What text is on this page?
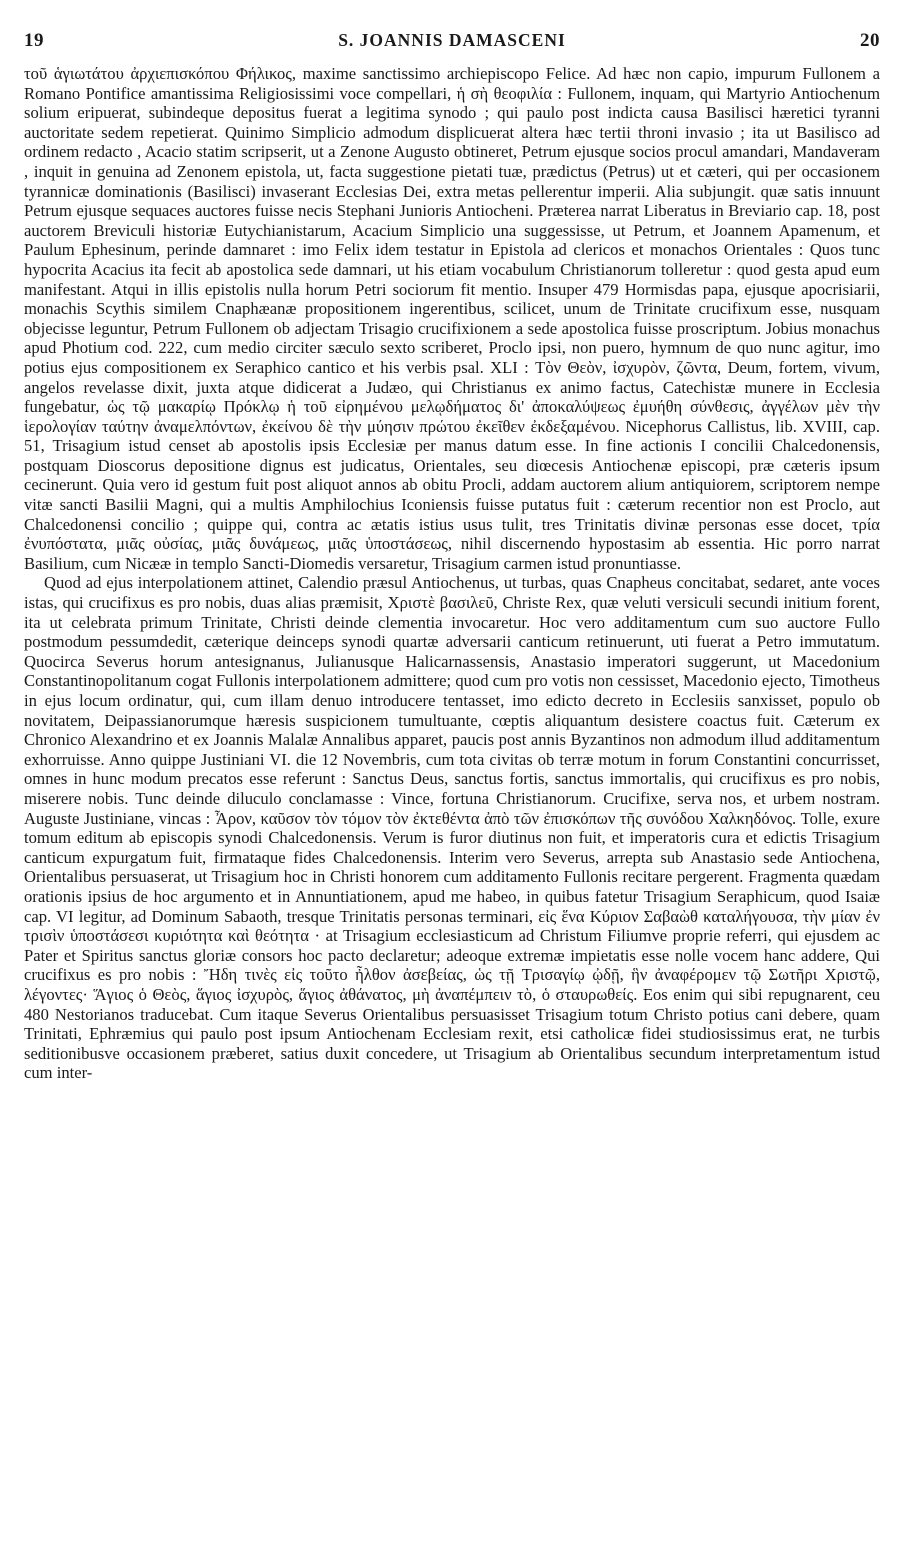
19	S. JOANNIS DAMASCENI	20

τοῦ ἁγιωτάτου ἀρχιεπισκόπου Φήλικος, maxime sanctissimo archiepiscopo Felice. Ad hæc non capio, impurum Fullonem a Romano Pontifice amantissima Religiosissimi voce compellari, ἡ σὴ θεοφιλία : Fullonem, inquam, qui Martyrio Antiochenum solium eripuerat, subindeque depositus fuerat a legitima synodo ; qui paulo post indicta causa Basilisci hæretici tyranni auctoritate sedem repetierat. Quinimo Simplicio admodum displicuerat altera hæc tertii throni invasio ; ita ut Basilisco ad ordinem redacto , Acacio statim scripserit, ut a Zenone Augusto obtineret, Petrum ejusque socios procul amandari, Mandaveram , inquit in genuina ad Zenonem epistola, ut, facta suggestione pietati tuæ, prædictus (Petrus) ut et cæteri, qui per occasionem tyrannicæ dominationis (Basilisci) invaserant Ecclesias Dei, extra metas pellerentur imperii. Alia subjungit. quæ satis innuunt Petrum ejusque sequaces auctores fuisse necis Stephani Junioris Antiocheni. Præterea narrat Liberatus in Breviario cap. 18, post auctorem Breviculi historiæ Eutychianistarum, Acacium Simplicio una suggessisse, ut Petrum, et Joannem Apamenum, et Paulum Ephesinum, perinde damnaret : imo Felix idem testatur in Epistola ad clericos et monachos Orientales : Quos tunc hypocrita Acacius ita fecit ab apostolica sede damnari, ut his etiam vocabulum Christianorum tolleretur : quod gesta apud eum manifestant. Atqui in illis epistolis nulla horum Petri sociorum fit mentio. Insuper 479 Hormisdas papa, ejusque apocrisiarii, monachis Scythis similem Cnaphæanæ propositionem ingerentibus, scilicet, unum de Trinitate crucifixum esse, nusquam objecisse leguntur, Petrum Fullonem ob adjectam Trisagio crucifixionem a sede apostolica fuisse proscriptum. Jobius monachus apud Photium cod. 222, cum medio circiter sæculo sexto scriberet, Proclo ipsi, non puero, hymnum de quo nunc agitur, imo potius ejus compositionem ex Seraphico cantico et his verbis psal. XLI : Τὸν Θεὸν, ἰσχυρὸν, ζῶντα, Deum, fortem, vivum, angelos revelasse dixit, juxta atque didicerat a Judæo, qui Christianus ex animo factus, Catechistæ munere in Ecclesia fungebatur, ὡς τῷ μακαρίῳ Πρόκλῳ ἡ τοῦ εἰρημένου μελῳδήματος δι' ἀποκαλύψεως ἐμυήθη σύνθεσις, ἀγγέλων μὲν τὴν ἱερολογίαν ταύτην ἀναμελπόντων, ἐκείνου δὲ τὴν μύησιν πρώτου ἐκεῖθεν ἐκδεξαμένου. Nicephorus Callistus, lib. XVIII, cap. 51, Trisagium istud censet ab apostolis ipsis Ecclesiæ per manus datum esse. In fine actionis I concilii Chalcedonensis, postquam Dioscorus depositione dignus est judicatus, Orientales, seu diœcesis Antiochenæ episcopi, præ cæteris ipsum cecinerunt. Quia vero id gestum fuit post aliquot annos ab obitu Procli, addam auctorem alium antiquiorem, scriptorem nempe vitæ sancti Basilii Magni, qui a multis Amphilochius Iconiensis fuisse putatus fuit : cæterum recentior non est Proclo, aut Chalcedonensi concilio ; quippe qui, contra ac ætatis istius usus tulit, tres Trinitatis divinæ personas esse docet, τρία ἐνυπόστατα, μιᾶς οὐσίας, μιᾶς δυνάμεως, μιᾶς ὑποστάσεως, nihil discernendo hypostasim ab essentia. Hic porro narrat Basilium, cum Nicææ in templo Sancti-Diomedis versaretur, Trisagium carmen istud pronuntiasse.

Quod ad ejus interpolationem attinet, Calendio præsul Antiochenus, ut turbas, quas Cnapheus concitabat, sedaret, ante voces istas, qui crucifixus es pro nobis, duas alias præmisit, Χριστὲ βασιλεῦ, Christe Rex, quæ veluti versiculi secundi initium forent, ita ut celebrata primum Trinitate, Christi deinde clementia invocaretur. Hoc vero additamentum cum suo auctore Fullo postmodum pessumdedit, cæterique deinceps synodi quartæ adversarii canticum retinuerunt, uti fuerat a Petro immutatum. Quocirca Severus horum antesignanus, Julianusque Halicarnassensis, Anastasio imperatori suggerunt, ut Macedonium Constantinopolitanum cogat Fullonis interpolationem admittere; quod cum pro votis non cessisset, Macedonio ejecto, Timotheus in ejus locum ordinatur, qui, cum illam denuo introducere tentasset, imo edicto decreto in Ecclesiis sanxisset, populo ob novitatem, Deipassianorumque hæresis suspicionem tumultuante, cœptis aliquantum desistere coactus fuit. Cæterum ex Chronico Alexandrino et ex Joannis Malalæ Annalibus apparet, paucis post annis Byzantinos non admodum illud additamentum exhorruisse. Anno quippe Justiniani VI. die 12 Novembris, cum tota civitas ob terræ motum in forum Constantini concurrisset, omnes in hunc modum precatos esse referunt : Sanctus Deus, sanctus fortis, sanctus immortalis, qui crucifixus es pro nobis, miserere nobis. Tunc deinde diluculo conclamasse : Vince, fortuna Christianorum. Crucifixe, serva nos, et urbem nostram. Auguste Justiniane, vincas : Ἆρον, καῦσον τὸν τόμον τὸν ἐκτεθέντα ἀπὸ τῶν ἐπισκόπων τῆς συνόδου Χαλκηδόνος. Tolle, exure tomum editum ab episcopis synodi Chalcedonensis. Verum is furor diutinus non fuit, et imperatoris cura et edictis Trisagium canticum expurgatum fuit, firmataque fides Chalcedonensis. Interim vero Severus, arrepta sub Anastasio sede Antiochena, Orientalibus persuaserat, ut Trisagium hoc in Christi honorem cum additamento Fullonis recitare pergerent. Fragmenta quædam orationis ipsius de hoc argumento et in Annuntiationem, apud me habeo, in quibus fatetur Trisagium Seraphicum, quod Isaiæ cap. VI legitur, ad Dominum Sabaoth, tresque Trinitatis personas terminari, εἰς ἕνα Κύριον Σαβαὼθ καταλήγουσα, τὴν μίαν ἐν τρισὶν ὑποστάσεσι κυριότητα καὶ θεότητα · at Trisagium ecclesiasticum ad Christum Filiumve proprie referri, qui ejusdem ac Pater et Spiritus sanctus gloriæ consors hoc pacto declaretur; adeoque extremæ impietatis esse nolle vocem hanc addere, Qui crucifixus es pro nobis : Ἤδη τινὲς εἰς τοῦτο ἦλθον ἀσεβείας, ὡς τῇ Τρισαγίῳ ᾠδῇ, ἣν ἀναφέρομεν τῷ Σωτῆρι Χριστῷ, λέγοντες· Ἅγιος ὁ Θεὸς, ἅγιος ἰσχυρὸς, ἅγιος ἀθάνατος, μὴ ἀναπέμπειν τὸ, ὁ σταυρωθείς. Eos enim qui sibi repugnarent, ceu 480 Nestorianos traducebat. Cum itaque Severus Orientalibus persuasisset Trisagium totum Christo potius cani debere, quam Trinitati, Ephræmius qui paulo post ipsum Antiochenam Ecclesiam rexit, etsi catholicæ fidei studiosissimus erat, ne turbis seditionibusve occasionem præberet, satius duxit concedere, ut Trisagium ab Orientalibus secundum interpretamentum istud cum inter-
